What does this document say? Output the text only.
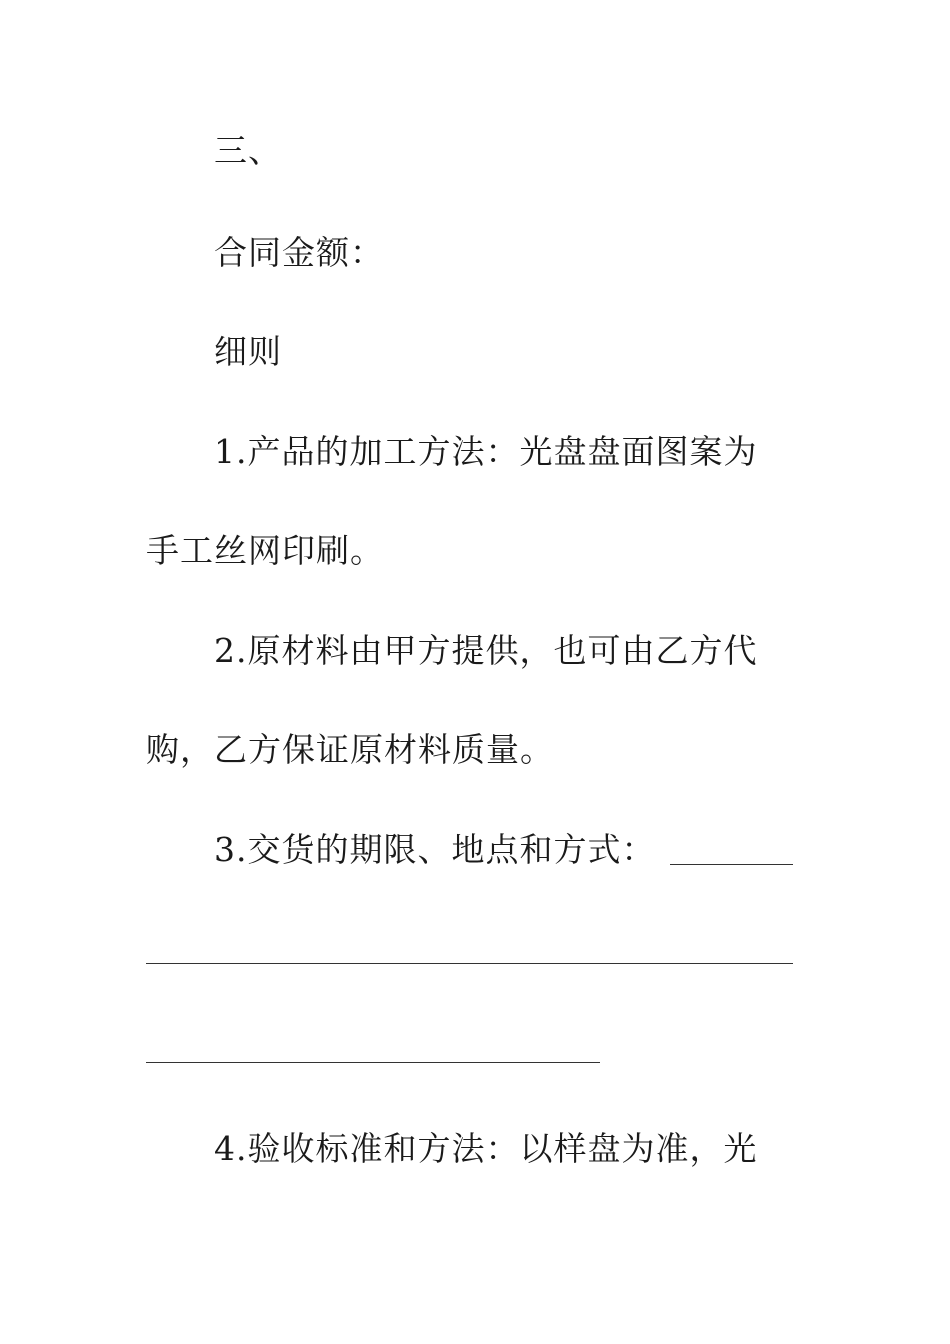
三、
合同金额：
细则
1.产品的加工方法：光盘盘面图案为
手工丝网印刷。
2.原材料由甲方提供，也可由乙方代
购，乙方保证原材料质量。
3.交货的期限、地点和方式：
4.验收标准和方法：以样盘为准，光
